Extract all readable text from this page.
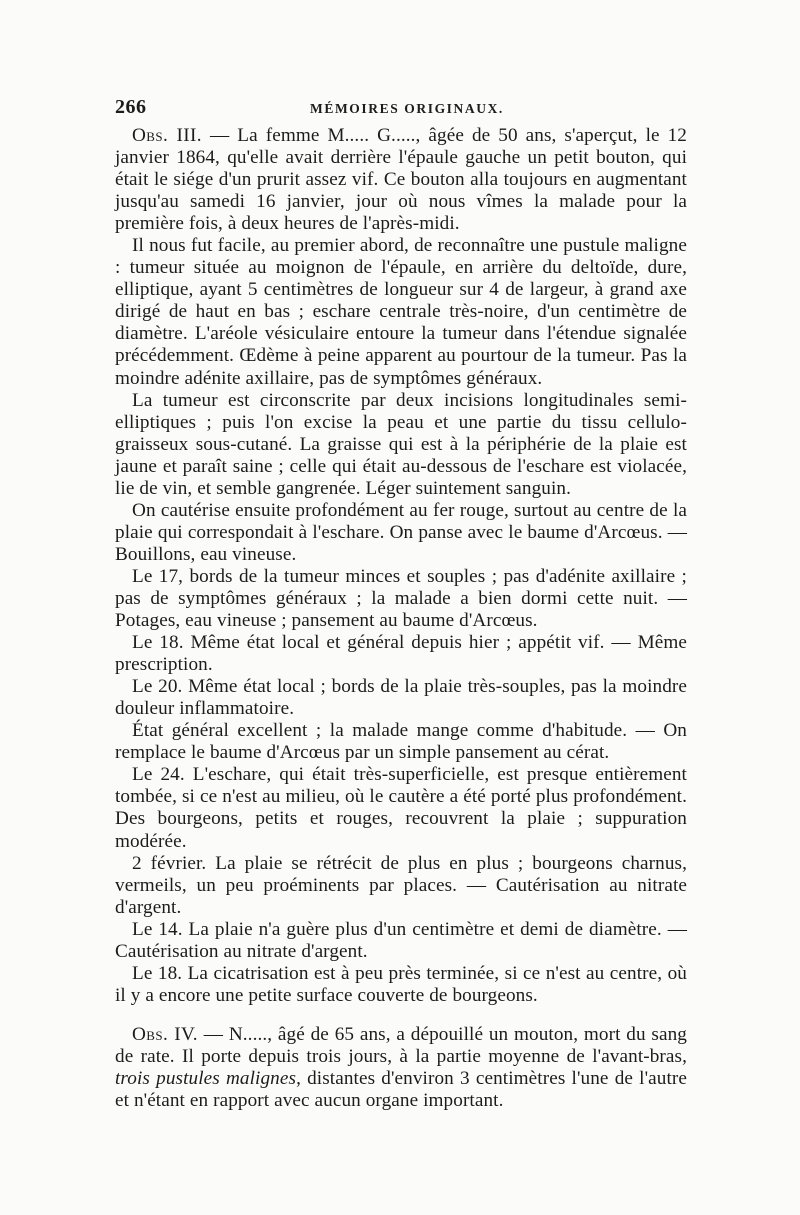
266	MÉMOIRES ORIGINAUX.

Obs. III. — La femme M..... G....., âgée de 50 ans, s'aperçut, le 12 janvier 1864, qu'elle avait derrière l'épaule gauche un petit bouton, qui était le siége d'un prurit assez vif. Ce bouton alla toujours en augmentant jusqu'au samedi 16 janvier, jour où nous vîmes la malade pour la première fois, à deux heures de l'après-midi.

Il nous fut facile, au premier abord, de reconnaître une pustule maligne : tumeur située au moignon de l'épaule, en arrière du deltoïde, dure, elliptique, ayant 5 centimètres de longueur sur 4 de largeur, à grand axe dirigé de haut en bas ; eschare centrale très-noire, d'un centimètre de diamètre. L'aréole vésiculaire entoure la tumeur dans l'étendue signalée précédemment. Œdème à peine apparent au pourtour de la tumeur. Pas la moindre adénite axillaire, pas de symptômes généraux.

La tumeur est circonscrite par deux incisions longitudinales semi-elliptiques ; puis l'on excise la peau et une partie du tissu cellulo-graisseux sous-cutané. La graisse qui est à la périphérie de la plaie est jaune et paraît saine ; celle qui était au-dessous de l'eschare est violacée, lie de vin, et semble gangrenée. Léger suintement sanguin.

On cautérise ensuite profondément au fer rouge, surtout au centre de la plaie qui correspondait à l'eschare. On panse avec le baume d'Arcœus. — Bouillons, eau vineuse.

Le 17, bords de la tumeur minces et souples ; pas d'adénite axillaire ; pas de symptômes généraux ; la malade a bien dormi cette nuit. — Potages, eau vineuse ; pansement au baume d'Arcœus.

Le 18. Même état local et général depuis hier ; appétit vif. — Même prescription.

Le 20. Même état local ; bords de la plaie très-souples, pas la moindre douleur inflammatoire.

État général excellent ; la malade mange comme d'habitude. — On remplace le baume d'Arcœus par un simple pansement au cérat.

Le 24. L'eschare, qui était très-superficielle, est presque entièrement tombée, si ce n'est au milieu, où le cautère a été porté plus profondément. Des bourgeons, petits et rouges, recouvrent la plaie ; suppuration modérée.

2 février. La plaie se rétrécit de plus en plus ; bourgeons charnus, vermeils, un peu proéminents par places. — Cautérisation au nitrate d'argent.

Le 14. La plaie n'a guère plus d'un centimètre et demi de diamètre. — Cautérisation au nitrate d'argent.

Le 18. La cicatrisation est à peu près terminée, si ce n'est au centre, où il y a encore une petite surface couverte de bourgeons.

Obs. IV. — N....., âgé de 65 ans, a dépouillé un mouton, mort du sang de rate. Il porte depuis trois jours, à la partie moyenne de l'avant-bras, trois pustules malignes, distantes d'environ 3 centimètres l'une de l'autre et n'étant en rapport avec aucun organe important.
